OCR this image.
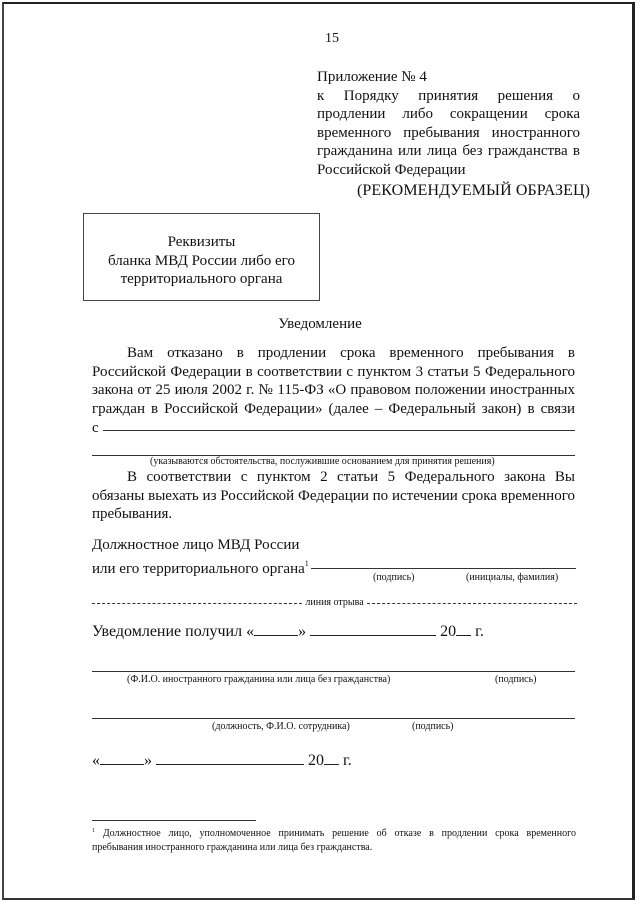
15
Приложение № 4
к Порядку принятия решения о
продлении либо сокращении срока
временного пребывания иностранного
гражданина или лица без гражданства в
Российской Федерации
(РЕКОМЕНДУЕМЫЙ ОБРАЗЕЦ)
Реквизиты
бланка МВД России либо его
территориального органа
Уведомление
Вам отказано в продлении срока временного пребывания в
Российской Федерации в соответствии с пунктом 3 статьи 5 Федерального
закона от 25 июля 2002 г. № 115-ФЗ «О правовом положении иностранных
граждан в Российской Федерации» (далее – Федеральный закон) в связи
с
(указываются обстоятельства, послужившие основанием для принятия решения)
В соответствии с пунктом 2 статьи 5 Федерального закона Вы
обязаны выехать из Российской Федерации по истечении срока временного
пребывания.
Должностное лицо МВД России
или его территориального органа$^1$
(подпись)	(инициалы, фамилия)
линия отрыва
Уведомление получил «	»	20 г.
(Ф.И.О. иностранного гражданина или лица без гражданства)	(подпись)
(должность, Ф.И.О. сотрудника)	(подпись)
«	»	20 г.
$^1$ Должностное лицо, уполномоченное принимать решение об отказе в продлении срока временного
пребывания иностранного гражданина или лица без гражданства.
